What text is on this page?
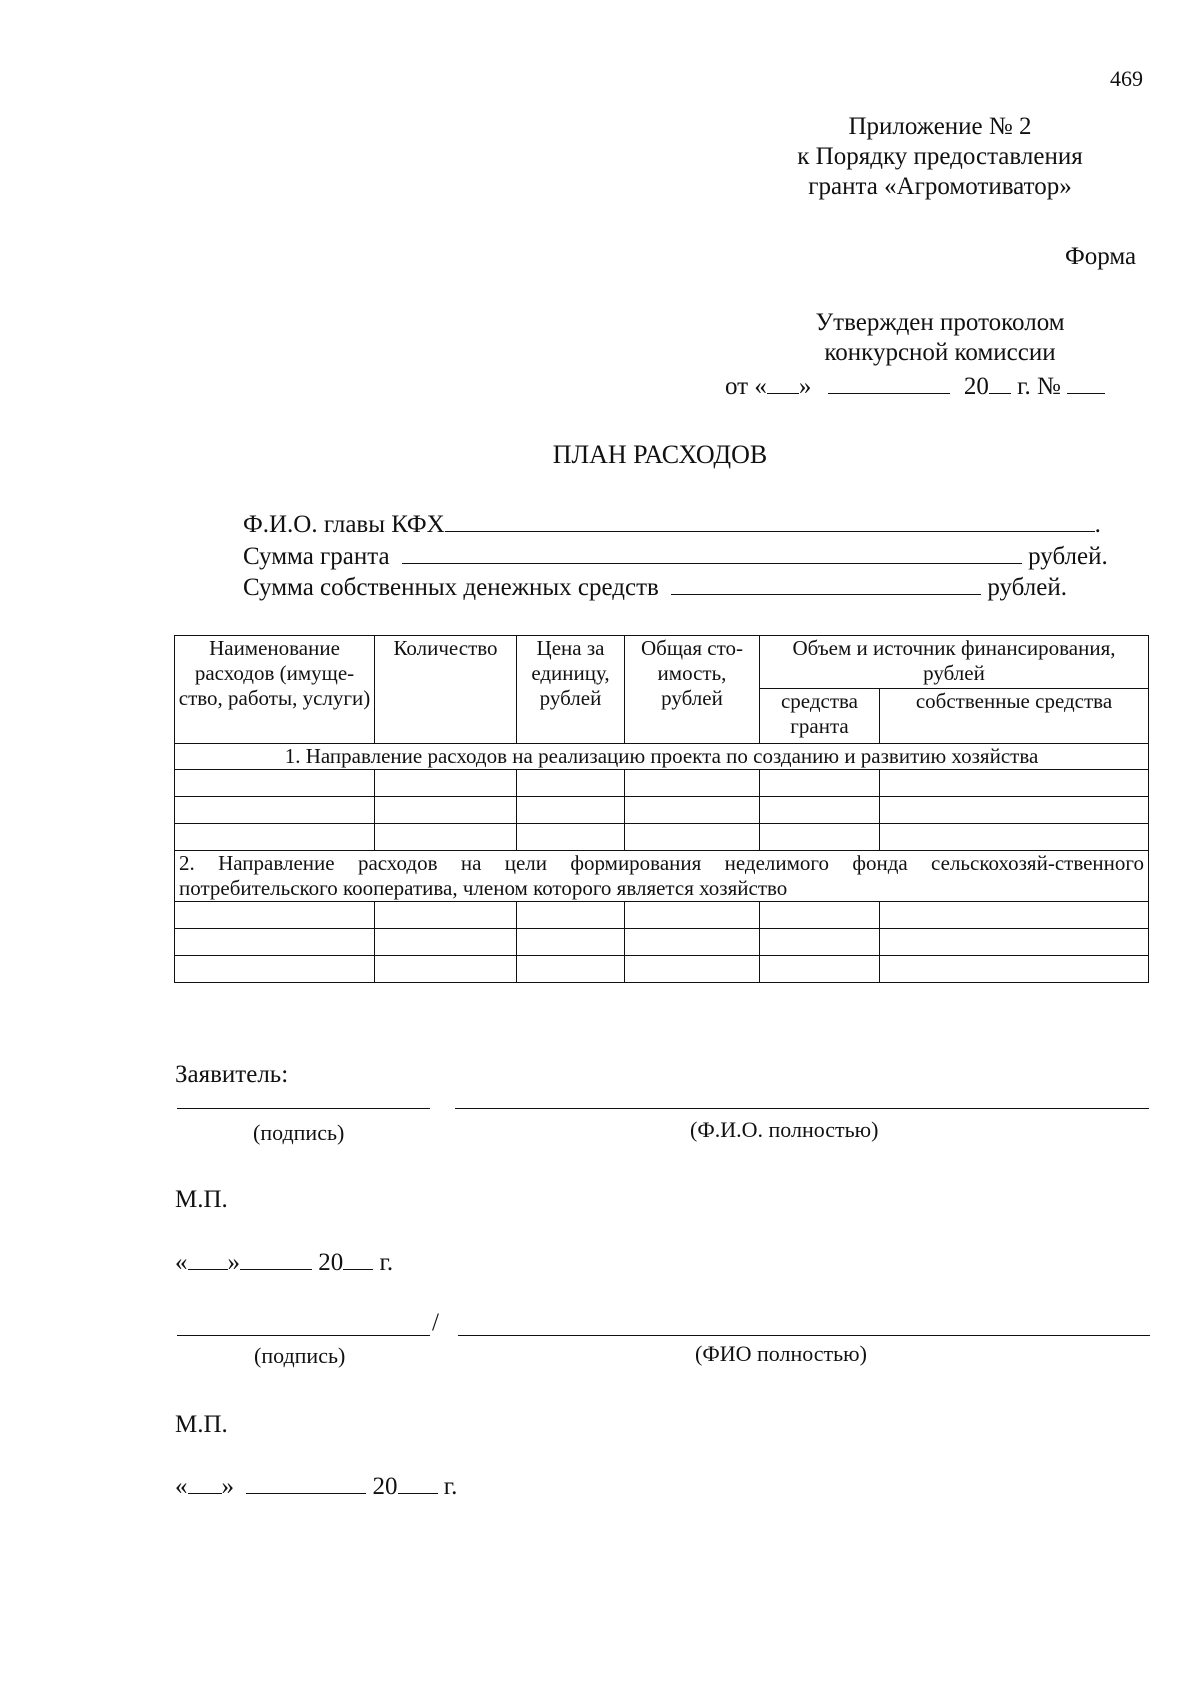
469
Приложение № 2
к Порядку предоставления
гранта «Агромотиватор»
Форма
Утвержден протоколом
конкурсной комиссии
от « »	20 г. №
ПЛАН РАСХОДОВ
Ф.И.О. главы КФХ	.
Сумма гранта	рублей.
Сумма собственных денежных средств	рублей.
Наименование расходов (имуще-ство, работы, услуги)	Количество	Цена за единицу, рублей	Общая сто-имость, рублей	Объем и источник финансирования, рублей	
				средства гранта	собственные средства
1. Направление расходов на реализацию проекта по созданию и развитию хозяйства					

2. Направление расходов на цели формирования неделимого фонда сельскохозяй-ственного потребительского кооператива, членом которого является хозяйство					

Заявитель:
(подпись)	(Ф.И.О. полностью)
М.П.
« »	20 г.
/
(подпись)	(ФИО полностью)
М.П.
« »	20 г.
